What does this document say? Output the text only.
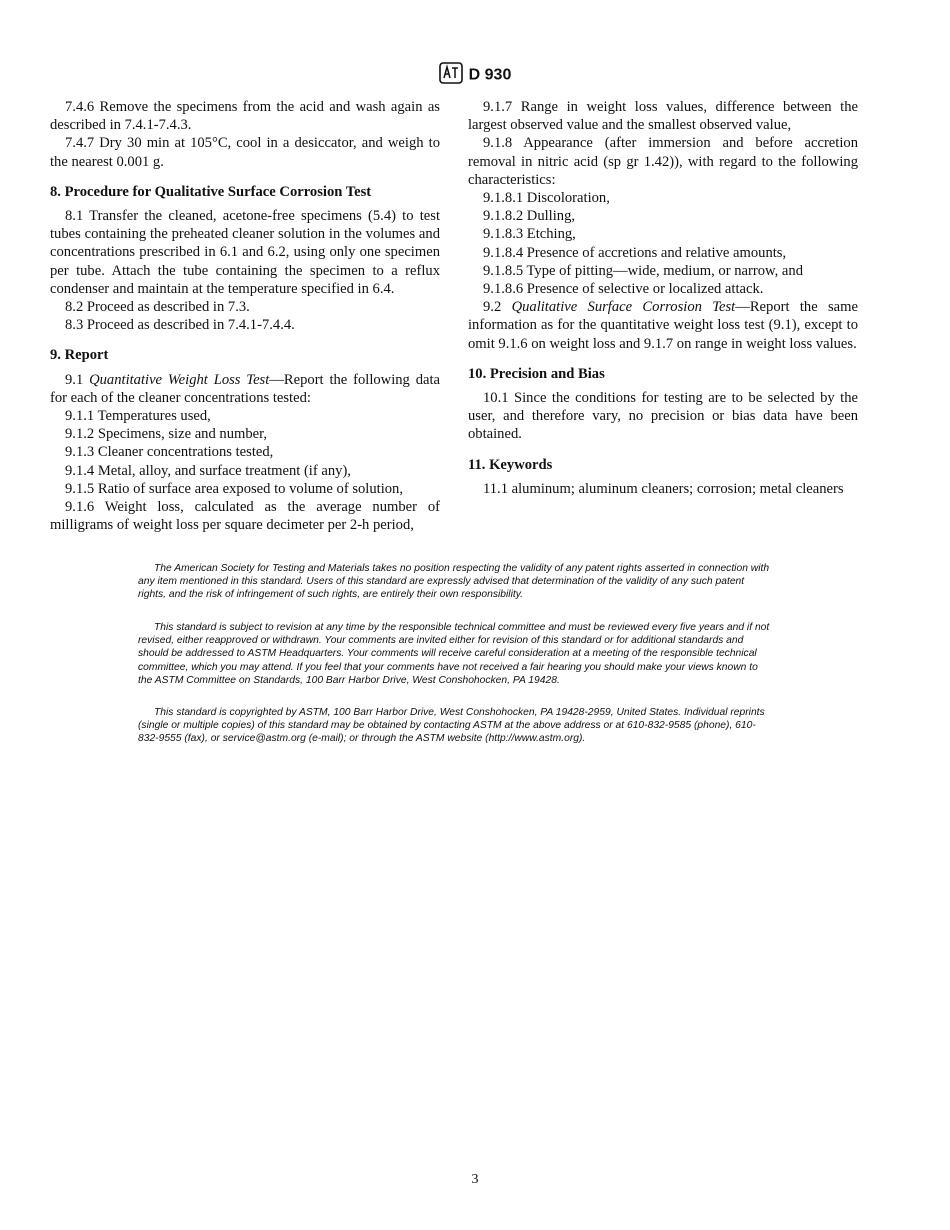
D 930

7.4.6 Remove the specimens from the acid and wash again as described in 7.4.1-7.4.3.

7.4.7 Dry 30 min at 105°C, cool in a desiccator, and weigh to the nearest 0.001 g.

8. Procedure for Qualitative Surface Corrosion Test

8.1 Transfer the cleaned, acetone-free specimens (5.4) to test tubes containing the preheated cleaner solution in the volumes and concentrations prescribed in 6.1 and 6.2, using only one specimen per tube. Attach the tube containing the specimen to a reflux condenser and maintain at the temperature specified in 6.4.

8.2 Proceed as described in 7.3.

8.3 Proceed as described in 7.4.1-7.4.4.

9. Report

9.1 Quantitative Weight Loss Test—Report the following data for each of the cleaner concentrations tested:

9.1.1 Temperatures used,

9.1.2 Specimens, size and number,

9.1.3 Cleaner concentrations tested,

9.1.4 Metal, alloy, and surface treatment (if any),

9.1.5 Ratio of surface area exposed to volume of solution,

9.1.6 Weight loss, calculated as the average number of milligrams of weight loss per square decimeter per 2-h period,

9.1.7 Range in weight loss values, difference between the largest observed value and the smallest observed value,

9.1.8 Appearance (after immersion and before accretion removal in nitric acid (sp gr 1.42)), with regard to the following characteristics:

9.1.8.1 Discoloration,

9.1.8.2 Dulling,

9.1.8.3 Etching,

9.1.8.4 Presence of accretions and relative amounts,

9.1.8.5 Type of pitting—wide, medium, or narrow, and

9.1.8.6 Presence of selective or localized attack.

9.2 Qualitative Surface Corrosion Test—Report the same information as for the quantitative weight loss test (9.1), except to omit 9.1.6 on weight loss and 9.1.7 on range in weight loss values.

10. Precision and Bias

10.1 Since the conditions for testing are to be selected by the user, and therefore vary, no precision or bias data have been obtained.

11. Keywords

11.1 aluminum; aluminum cleaners; corrosion; metal cleaners

The American Society for Testing and Materials takes no position respecting the validity of any patent rights asserted in connection with any item mentioned in this standard. Users of this standard are expressly advised that determination of the validity of any such patent rights, and the risk of infringement of such rights, are entirely their own responsibility.

This standard is subject to revision at any time by the responsible technical committee and must be reviewed every five years and if not revised, either reapproved or withdrawn. Your comments are invited either for revision of this standard or for additional standards and should be addressed to ASTM Headquarters. Your comments will receive careful consideration at a meeting of the responsible technical committee, which you may attend. If you feel that your comments have not received a fair hearing you should make your views known to the ASTM Committee on Standards, 100 Barr Harbor Drive, West Conshohocken, PA 19428.

This standard is copyrighted by ASTM, 100 Barr Harbor Drive, West Conshohocken, PA 19428-2959, United States. Individual reprints (single or multiple copies) of this standard may be obtained by contacting ASTM at the above address or at 610-832-9585 (phone), 610-832-9555 (fax), or service@astm.org (e-mail); or through the ASTM website (http://www.astm.org).

3
